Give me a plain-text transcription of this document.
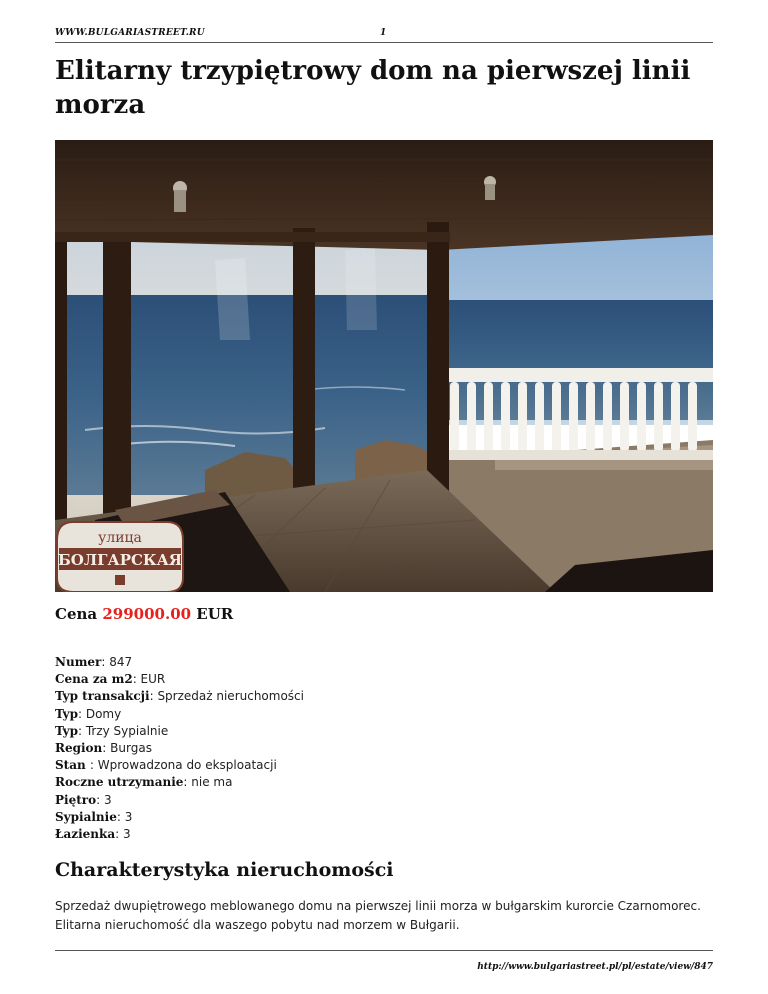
WWW.BULGARIASTREET.RU	1
Elitarny trzypiętrowy dom na pierwszej linii morza
улица
БОЛГАРСКАЯ
Cena 299000.00 EUR
Numer: 847
Cena za m2: EUR
Typ transakcji: Sprzedaż nieruchomości
Typ: Domy
Typ: Trzy Sypialnie
Region: Burgas
Stan : Wprowadzona do eksploatacji
Roczne utrzymanie: nie ma
Piętro: 3
Sypialnie: 3
Łazienka: 3
Charakterystyka nieruchomości

Sprzedaż dwupiętrowego meblowanego domu na pierwszej linii morza w bułgarskim kurorcie Czarnomorec. Elitarna nieruchomość dla waszego pobytu nad morzem w Bułgarii.

http://www.bulgariastreet.pl/pl/estate/view/847
